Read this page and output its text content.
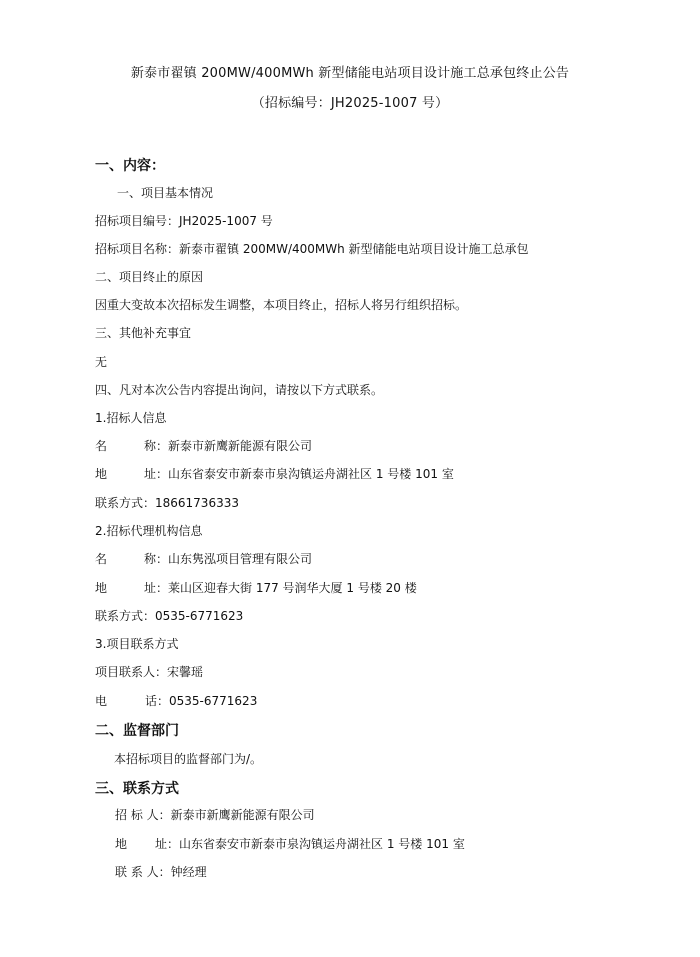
新泰市翟镇 200MW/400MWh 新型储能电站项目设计施工总承包终止公告
（招标编号：JH2025-1007 号）
一、内容：
一、项目基本情况
招标项目编号：JH2025-1007 号
招标项目名称：新泰市翟镇 200MW/400MWh 新型储能电站项目设计施工总承包
二、项目终止的原因
因重大变故本次招标发生调整，本项目终止，招标人将另行组织招标。
三、其他补充事宜
无
四、凡对本次公告内容提出询问，请按以下方式联系。
1.招标人信息
名	称：新泰市新鹰新能源有限公司
地	址：山东省泰安市新泰市泉沟镇运舟湖社区 1 号楼 101 室
联系方式：18661736333
2.招标代理机构信息
名	称：山东隽泓项目管理有限公司
地	址：莱山区迎春大街 177 号润华大厦 1 号楼 20 楼
联系方式：0535-6771623
3.项目联系方式
项目联系人：宋馨瑶
电	话：0535-6771623
二、监督部门
本招标项目的监督部门为/。
三、联系方式
招 标 人：新泰市新鹰新能源有限公司
地 址：山东省泰安市新泰市泉沟镇运舟湖社区 1 号楼 101 室
联 系 人：钟经理
